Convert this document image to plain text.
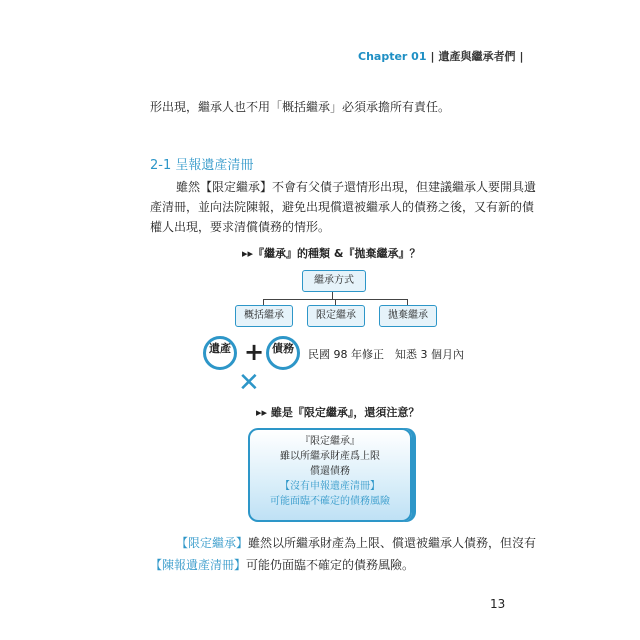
Chapter 01 | 遺產與繼承者們 |
形出現，繼承人也不用「概括繼承」必須承擔所有責任。
2-1 呈報遺產清冊
雖然【限定繼承】不會有父債子還情形出現，但建議繼承人要開具遺
產清冊，並向法院陳報，避免出現償還被繼承人的債務之後，又有新的債
權人出現，要求清償債務的情形。
▸▸『繼承』的種類 &『拋棄繼承』？
繼承方式
概括繼承	限定繼承	拋棄繼承
遺產 + 債務	民國 98 年修正　知悉 3 個月內
✕
▸▸ 雖是『限定繼承』，還須注意？
『限定繼承』
雖以所繼承財產爲上限
償還債務
【沒有申報遺產清冊】
可能面臨不確定的債務風險
【限定繼承】雖然以所繼承財產為上限、償還被繼承人債務，但沒有
【陳報遺產清冊】可能仍面臨不確定的債務風險。
13
